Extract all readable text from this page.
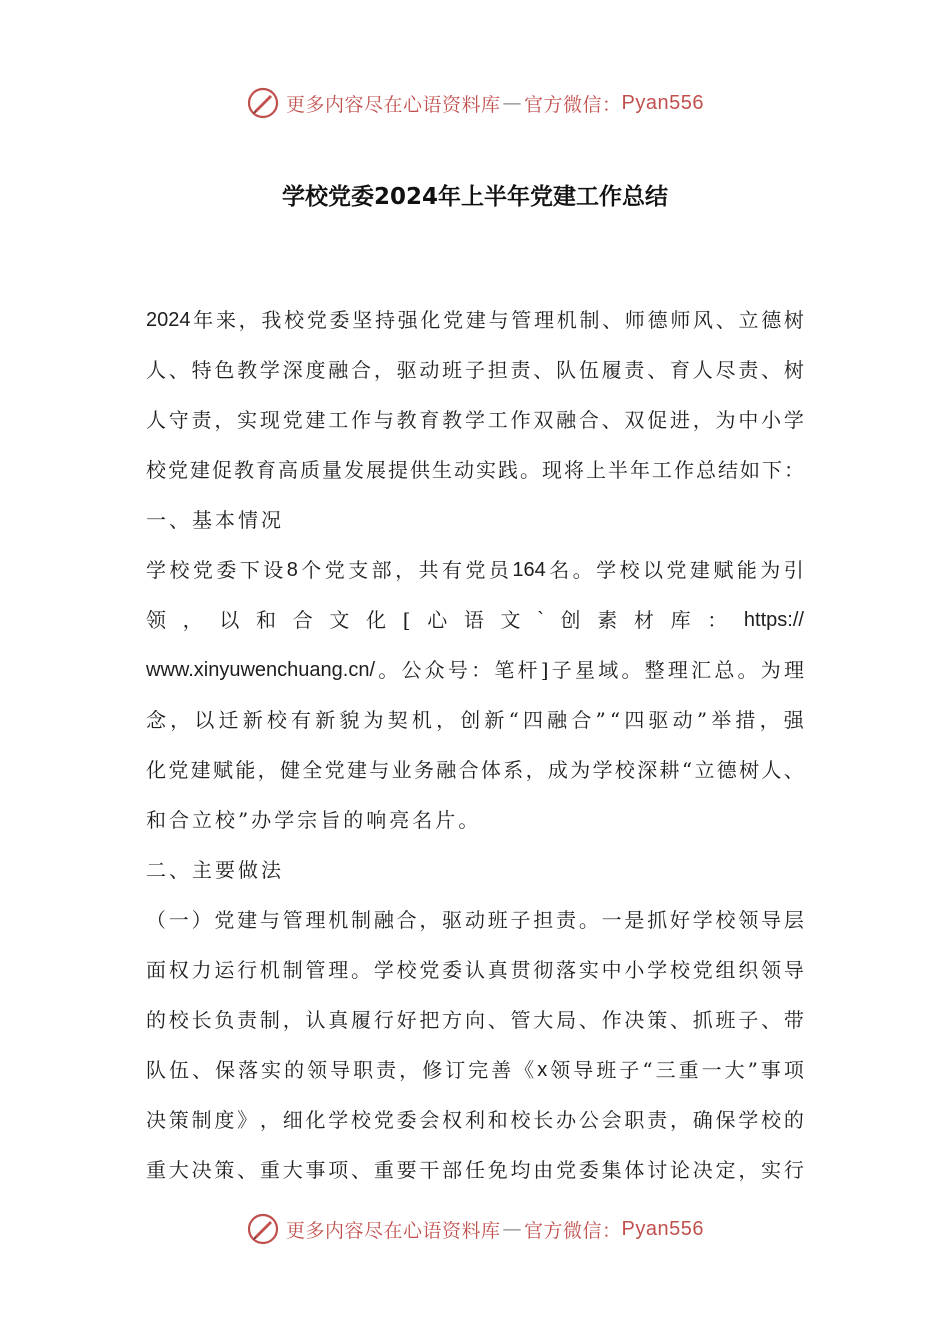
更多内容尽在心语资料库 — 官方微信： Pyan556
学校党委2024年上半年党建工作总结
2024 年 来 ， 我 校 党 委 坚 持 强 化 党 建 与 管 理 机 制 、 师 德 师 风 、 立 德 树
人 、 特 色 教 学 深 度 融 合 ， 驱 动 班 子 担 责 、 队 伍 履 责 、 育 人 尽 责 、 树
人 守 责 ， 实 现 党 建 工 作 与 教 育 教 学 工 作 双 融 合 、 双 促 进 ， 为 中 小 学
校 党 建 促 教 育 高 质 量 发 展 提 供 生 动 实 践 。 现 将 上 半 年 工 作 总 结 如 下 ：
一 、 基 本 情 况
学 校 党 委 下 设 8 个 党 支 部 ， 共 有 党 员 164 名 。 学 校 以 党 建 赋 能 为 引
领 ， 以 和 合 文 化 [ 心 语 文 ` 创 素 材 库 ： https://
www.xinyuwenchuang.cn/ 。 公 众 号 ： 笔 杆 ] 子 星 域 。 整 理 汇 总 。 为 理
念 ， 以 迁 新 校 有 新 貌 为 契 机 ， 创 新 “ 四 融 合 ” “ 四 驱 动 ” 举 措 ， 强
化 党 建 赋 能 ， 健 全 党 建 与 业 务 融 合 体 系 ， 成 为 学 校 深 耕 “ 立 德 树 人 、
和 合 立 校 ” 办 学 宗 旨 的 响 亮 名 片 。
二 、 主 要 做 法
（ 一 ） 党 建 与 管 理 机 制 融 合 ， 驱 动 班 子 担 责 。 一 是 抓 好 学 校 领 导 层
面 权 力 运 行 机 制 管 理 。 学 校 党 委 认 真 贯 彻 落 实 中 小 学 校 党 组 织 领 导
的 校 长 负 责 制 ， 认 真 履 行 好 把 方 向 、 管 大 局 、 作 决 策 、 抓 班 子 、 带
队 伍 、 保 落 实 的 领 导 职 责 ， 修 订 完 善 《 x 领 导 班 子 “ 三 重 一 大 ” 事 项
决 策 制 度 》 ， 细 化 学 校 党 委 会 权 利 和 校 长 办 公 会 职 责 ， 确 保 学 校 的
重 大 决 策 、 重 大 事 项 、 重 要 干 部 任 免 均 由 党 委 集 体 讨 论 决 定 ， 实 行
更多内容尽在心语资料库 — 官方微信： Pyan556
